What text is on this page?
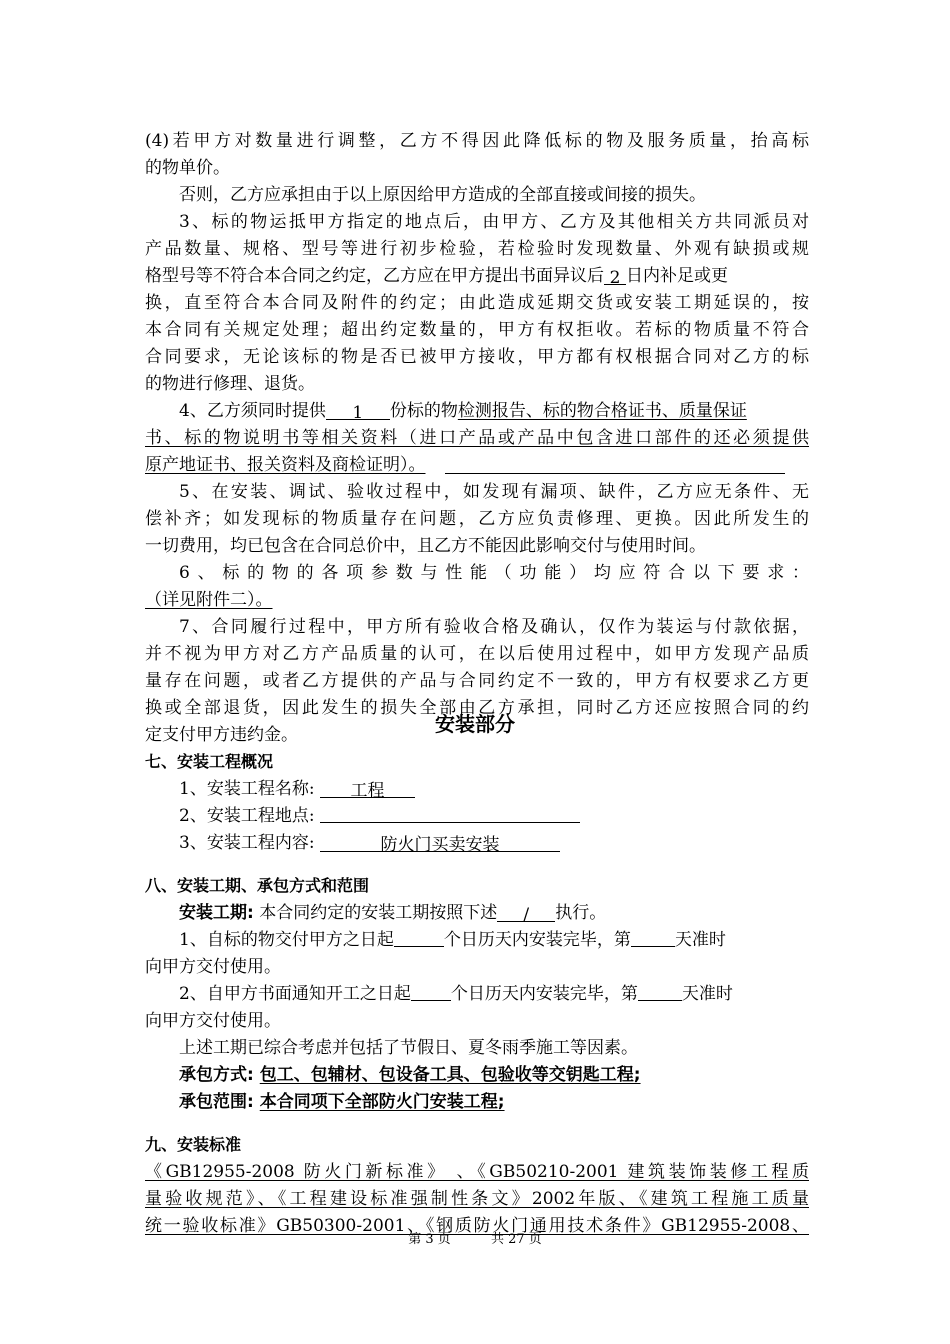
(4)若甲方对数量进行调整，乙方不得因此降低标的物及服务质量，抬高标
的物单价。
否则，乙方应承担由于以上原因给甲方造成的全部直接或间接的损失。
3、标的物运抵甲方指定的地点后，由甲方、乙方及其他相关方共同派员对
产品数量、规格、型号等进行初步检验，若检验时发现数量、外观有缺损或规
格型号等不符合本合同之约定，乙方应在甲方提出书面异议后 2 日内补足或更
换，直至符合本合同及附件的约定；由此造成延期交货或安装工期延误的，按
本合同有关规定处理；超出约定数量的，甲方有权拒收。若标的物质量不符合
合同要求，无论该标的物是否已被甲方接收，甲方都有权根据合同对乙方的标
的物进行修理、退货。
4、乙方须同时提供 1 份标的物检测报告、标的物合格证书、质量保证
书、标的物说明书等相关资料（进口产品或产品中包含进口部件的还必须提供
原产地证书、报关资料及商检证明）。
5、在安装、调试、验收过程中，如发现有漏项、缺件，乙方应无条件、无
偿补齐；如发现标的物质量存在问题，乙方应负责修理、更换。因此所发生的
一切费用，均已包含在合同总价中，且乙方不能因此影响交付与使用时间。
6、标的物的各项参数与性能（功能）均应符合以下要求：
（详见附件二）。
7、合同履行过程中，甲方所有验收合格及确认，仅作为装运与付款依据，
并不视为甲方对乙方产品质量的认可，在以后使用过程中，如甲方发现产品质
量存在问题，或者乙方提供的产品与合同约定不一致的，甲方有权要求乙方更
换或全部退货，因此发生的损失全部由乙方承担，同时乙方还应按照合同的约
定支付甲方违约金。
七、安装工程概况
1、安装工程名称: 工程
2、安装工程地点:
3、安装工程内容:	防火门买卖安装
八、安装工期、承包方式和范围
安装工期: 本合同约定的安装工期按照下述 / 执行。
1、自标的物交付甲方之日起	个日历天内安装完毕，第	天准时
向甲方交付使用。
2、自甲方书面通知开工之日起 个日历天内安装完毕，第	天准时
向甲方交付使用。
上述工期已综合考虑并包括了节假日、夏冬雨季施工等因素。
承包方式: 包工、包辅材、包设备工具、包验收等交钥匙工程;
承包范围: 本合同项下全部防火门安装工程;
九、安装标准
《GB12955-2008 防火门新标准》 、《GB50210-2001 建筑装饰装修工程质
量验收规范》、《工程建设标准强制性条文》2002年版、《建筑工程施工质量
统一验收标准》GB50300-2001、《钢质防火门通用技术条件》GB12955-2008、
安装部分
第 3 页	共 27 页
